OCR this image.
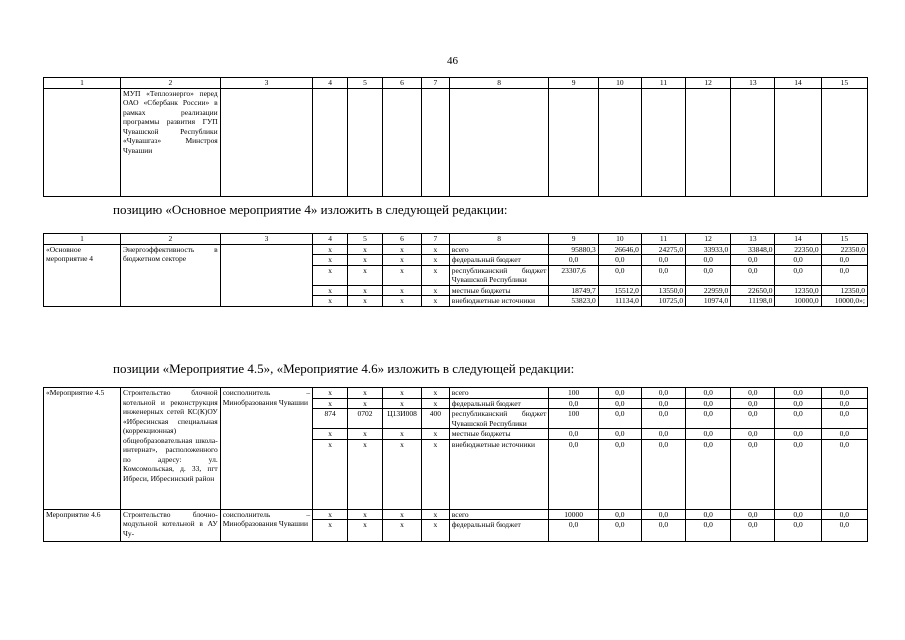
46
1	2	3	4	5	6	7	8	9	10	11	12	13	14	15
	МУП «Теплоэнерго» перед ОАО «Сбербанк России» в рамках реализации программы развития ГУП Чувашской Республики «Чувашгаз» Минстроя Чувашии													
позицию «Основное мероприятие 4» изложить в следующей редакции:
1	2	3	4	5	6	7	8	9	10	11	12	13	14	15
«Основное мероприятие 4	Энергоэффективность в бюджетном секторе		x	x	x	x	всего	95880,3	26646,0	24275,0	33933,0	33848,0	22350,0	22350,0
			x	x	x	x	федеральный бюджет	0,0	0,0	0,0	0,0	0,0	0,0	0,0
			x	x	x	x	республиканский бюджет Чувашской Республики	23307,6	0,0	0,0	0,0	0,0	0,0	0,0
			x	x	x	x	местные бюджеты	18749,7	15512,0	13550,0	22959,0	22650,0	12350,0	12350,0
			x	x	x	x	внебюджетные источники	53823,0	11134,0	10725,0	10974,0	11198,0	10000,0	10000,0»;
позиции «Мероприятие 4.5», «Мероприятие 4.6» изложить в следующей редакции:
«Мероприятие 4.5	Строительство блочной котельной и реконструкция инженерных сетей КС(К)ОУ «Ибресинская специальная (коррекционная) общеобразовательная школа-интернат», расположенного по адресу: ул. Комсомольская, д. 33, пгт Ибреси, Ибресинский район	соисполнитель – Минобразования Чувашии	x	x	x	x	всего	100	0,0	0,0	0,0	0,0	0,0	0,0
			x	x	x	x	федеральный бюджет	0,0	0,0	0,0	0,0	0,0	0,0	0,0
			874	0702	Ц13И008	400	республиканский бюджет Чувашской Республики	100	0,0	0,0	0,0	0,0	0,0	0,0
			x	x	x	x	местные бюджеты	0,0	0,0	0,0	0,0	0,0	0,0	0,0
			x	x	x	x	внебюджетные источники	0,0	0,0	0,0	0,0	0,0	0,0	0,0
Мероприятие 4.6	Строительство блочно-модульной котельной в АУ Чу-	соисполнитель – Минобразования Чувашии	x	x	x	x	всего	10000	0,0	0,0	0,0	0,0	0,0	0,0
			x	x	x	x	федеральный бюджет	0,0	0,0	0,0	0,0	0,0	0,0	0,0
